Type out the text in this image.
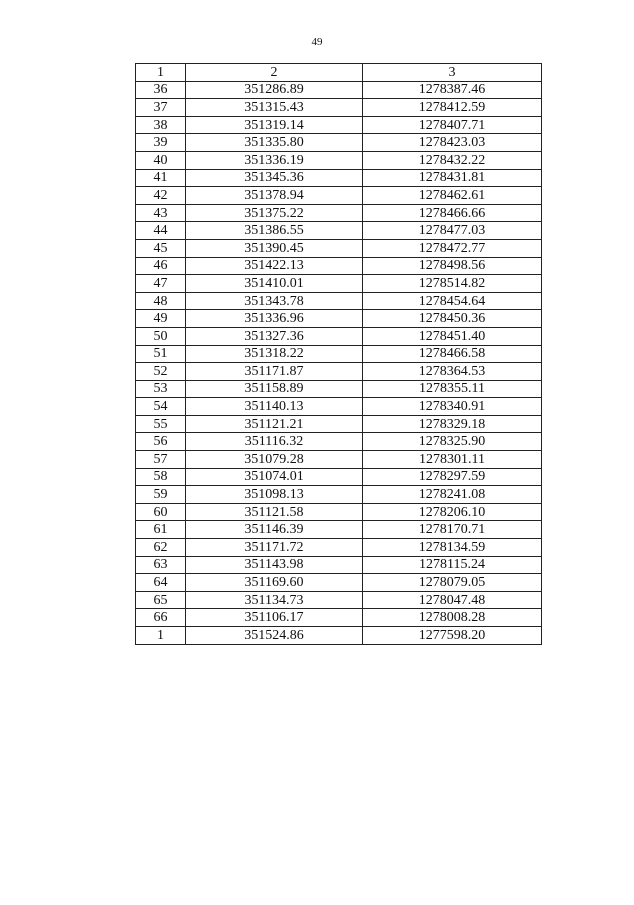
49
1	2	3
36	351286.89	1278387.46
37	351315.43	1278412.59
38	351319.14	1278407.71
39	351335.80	1278423.03
40	351336.19	1278432.22
41	351345.36	1278431.81
42	351378.94	1278462.61
43	351375.22	1278466.66
44	351386.55	1278477.03
45	351390.45	1278472.77
46	351422.13	1278498.56
47	351410.01	1278514.82
48	351343.78	1278454.64
49	351336.96	1278450.36
50	351327.36	1278451.40
51	351318.22	1278466.58
52	351171.87	1278364.53
53	351158.89	1278355.11
54	351140.13	1278340.91
55	351121.21	1278329.18
56	351116.32	1278325.90
57	351079.28	1278301.11
58	351074.01	1278297.59
59	351098.13	1278241.08
60	351121.58	1278206.10
61	351146.39	1278170.71
62	351171.72	1278134.59
63	351143.98	1278115.24
64	351169.60	1278079.05
65	351134.73	1278047.48
66	351106.17	1278008.28
1	351524.86	1277598.20
